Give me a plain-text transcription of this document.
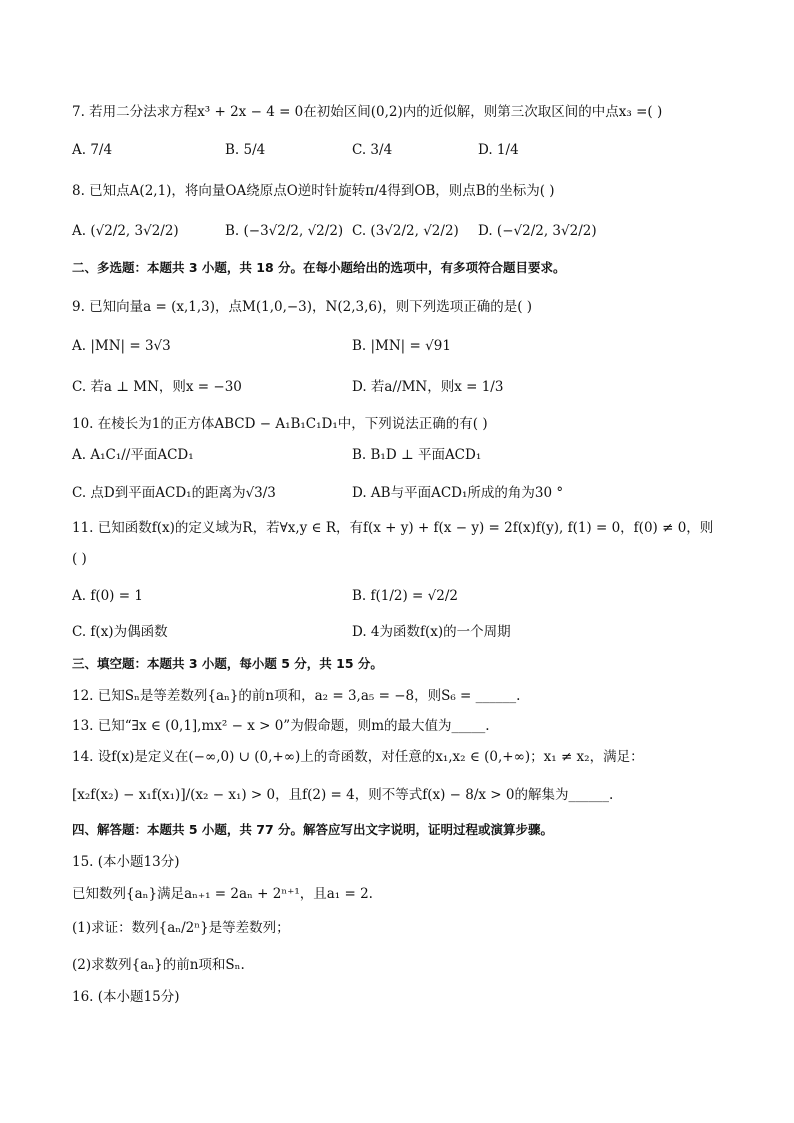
7. 若用二分法求方程x³ + 2x − 4 = 0在初始区间(0,2)内的近似解，则第三次取区间的中点x₃ =( )
A. 7/4	B. 5/4	C. 3/4	D. 1/4
8. 已知点A(2,1)，将向量OA绕原点O逆时针旋转π/4得到OB，则点B的坐标为( )
A. (√2/2, 3√2/2)	B. (−3√2/2, √2/2) C. (3√2/2, √2/2) D. (−√2/2, 3√2/2)
二、多选题：本题共 3 小题，共 18 分。在每小题给出的选项中，有多项符合题目要求。
9. 已知向量a = (x,1,3)，点M(1,0,−3)，N(2,3,6)，则下列选项正确的是( )
A. |MN| = 3√3	B. |MN| = √91
C. 若a ⊥ MN，则x = −30	D. 若a//MN，则x = 1/3
10. 在棱长为1的正方体ABCD − A₁B₁C₁D₁中，下列说法正确的有( )
A. A₁C₁//平面ACD₁	B. B₁D ⊥ 平面ACD₁
C. 点D到平面ACD₁的距离为√3/3	D. AB与平面ACD₁所成的角为30 °
11. 已知函数f(x)的定义域为R，若∀x,y ∈ R，有f(x + y) + f(x − y) = 2f(x)f(y), f(1) = 0，f(0) ≠ 0，则
( )
A. f(0) = 1	B. f(1/2) = √2/2
C. f(x)为偶函数	D. 4为函数f(x)的一个周期
三、填空题：本题共 3 小题，每小题 5 分，共 15 分。
12. 已知Sₙ是等差数列{aₙ}的前n项和，a₂ = 3,a₅ = −8，则S₆ = ______.
13. 已知“∃x ∈ (0,1],mx² − x > 0”为假命题，则m的最大值为_____.
14. 设f(x)是定义在(−∞,0) ∪ (0,+∞)上的奇函数，对任意的x₁,x₂ ∈ (0,+∞)；x₁ ≠ x₂，满足：
[x₂f(x₂) − x₁f(x₁)]/(x₂ − x₁) > 0，且f(2) = 4，则不等式f(x) − 8/x > 0的解集为______.
四、解答题：本题共 5 小题，共 77 分。解答应写出文字说明，证明过程或演算步骤。
15. (本小题13分)
已知数列{aₙ}满足aₙ₊₁ = 2aₙ + 2ⁿ⁺¹，且a₁ = 2.
(1)求证：数列{aₙ/2ⁿ}是等差数列；
(2)求数列{aₙ}的前n项和Sₙ.
16. (本小题15分)
